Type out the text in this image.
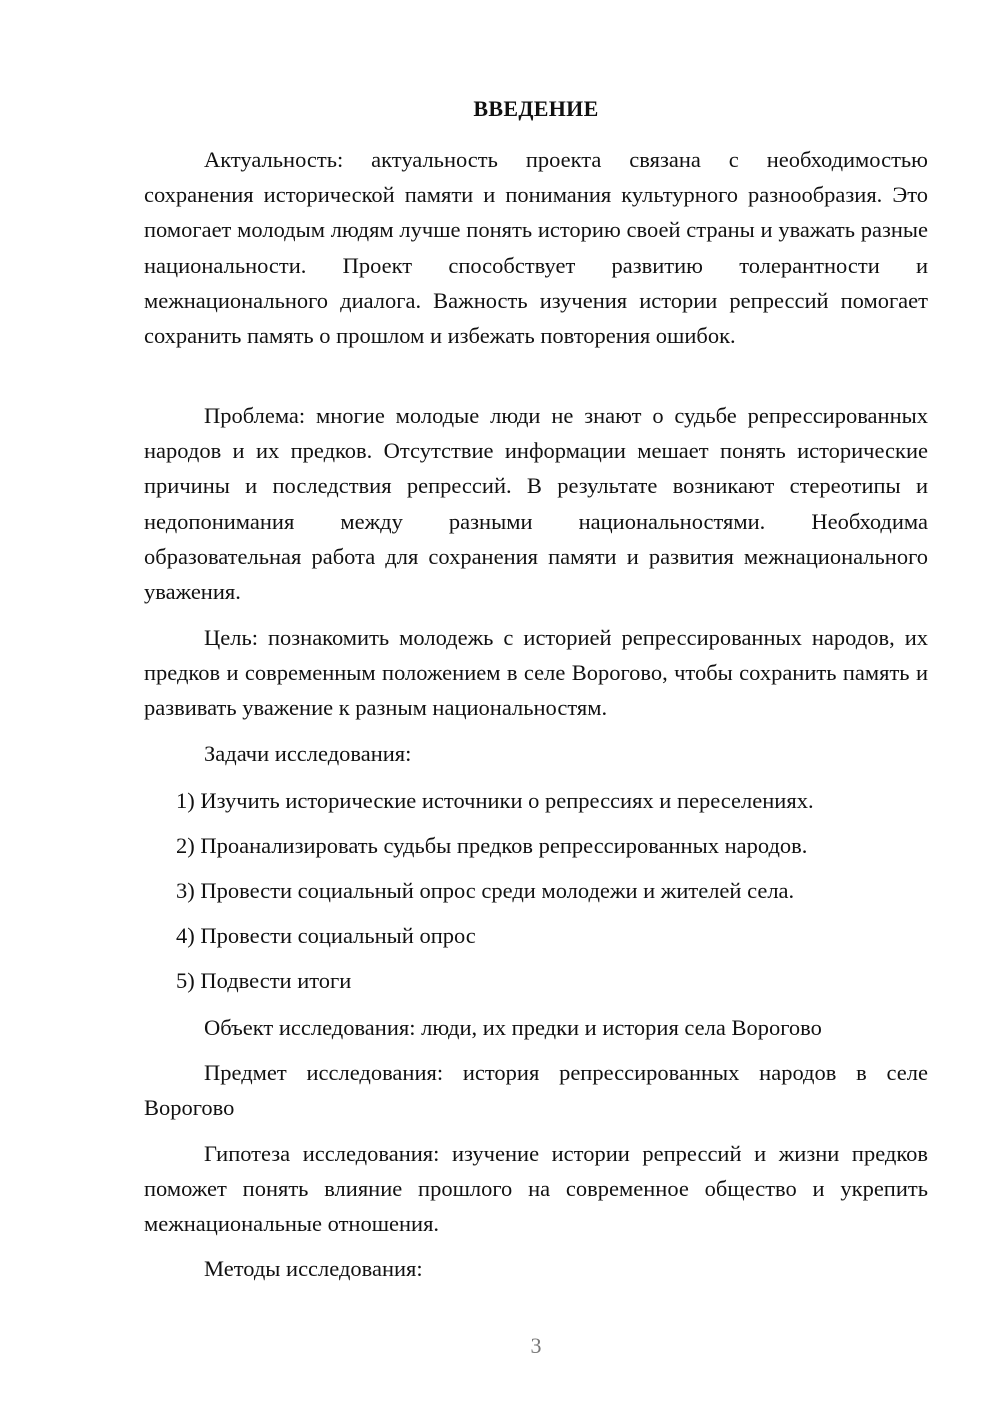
ВВЕДЕНИЕ

Актуальность: актуальность проекта связана с необходимостью сохранения исторической памяти и понимания культурного разнообразия. Это помогает молодым людям лучше понять историю своей страны и уважать разные национальности. Проект способствует развитию толерантности и межнационального диалога. Важность изучения истории репрессий помогает сохранить память о прошлом и избежать повторения ошибок.

Проблема: многие молодые люди не знают о судьбе репрессированных народов и их предков. Отсутствие информации мешает понять исторические причины и последствия репрессий. В результате возникают стереотипы и недопонимания между разными национальностями. Необходима образовательная работа для сохранения памяти и развития межнационального уважения.

Цель: познакомить молодежь с историей репрессированных народов, их предков и современным положением в селе Ворогово, чтобы сохранить память и развивать уважение к разным национальностям.

Задачи исследования:
1) Изучить исторические источники о репрессиях и переселениях.
2) Проанализировать судьбы предков репрессированных народов.
3) Провести социальный опрос среди молодежи и жителей села.
4) Провести социальный опрос
5) Подвести итоги
Объект исследования: люди, их предки и история села Ворогово

Предмет исследования: история репрессированных народов в селе Ворогово

Гипотеза исследования: изучение истории репрессий и жизни предков поможет понять влияние прошлого на современное общество и укрепить межнациональные отношения.

Методы исследования:
3
